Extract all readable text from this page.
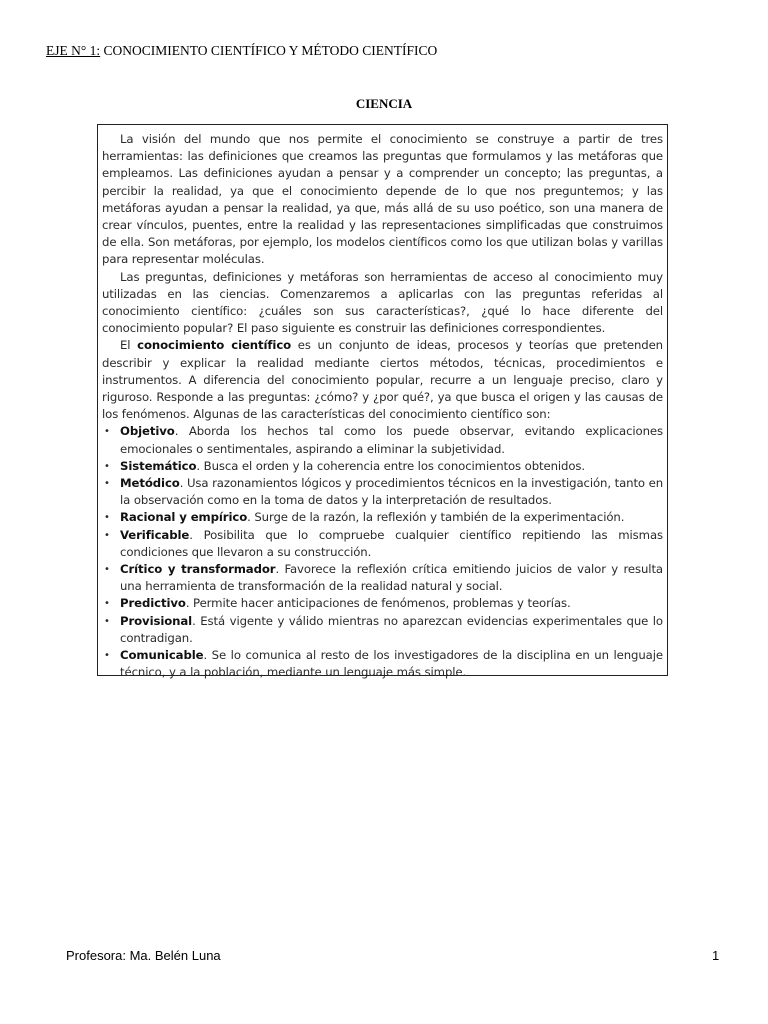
EJE N° 1: CONOCIMIENTO CIENTÍFICO Y MÉTODO CIENTÍFICO
CIENCIA

La visión del mundo que nos permite el conocimiento se construye a partir de tres herramientas: las definiciones que creamos las preguntas que formulamos y las metáforas que empleamos. Las definiciones ayudan a pensar y a comprender un concepto; las preguntas, a percibir la realidad, ya que el conocimiento depende de lo que nos preguntemos; y las metáforas ayudan a pensar la realidad, ya que, más allá de su uso poético, son una manera de crear vínculos, puentes, entre la realidad y las representaciones simplificadas que construimos de ella. Son metáforas, por ejemplo, los modelos científicos como los que utilizan bolas y varillas para representar moléculas.

Las preguntas, definiciones y metáforas son herramientas de acceso al conocimiento muy utilizadas en las ciencias. Comenzaremos a aplicarlas con las preguntas referidas al conocimiento científico: ¿cuáles son sus características?, ¿qué lo hace diferente del conocimiento popular? El paso siguiente es construir las definiciones correspondientes.

El conocimiento científico es un conjunto de ideas, procesos y teorías que pretenden describir y explicar la realidad mediante ciertos métodos, técnicas, procedimientos e instrumentos. A diferencia del conocimiento popular, recurre a un lenguaje preciso, claro y riguroso. Responde a las preguntas: ¿cómo? y ¿por qué?, ya que busca el origen y las causas de los fenómenos. Algunas de las características del conocimiento científico son:

• Objetivo. Aborda los hechos tal como los puede observar, evitando explicaciones emocionales o sentimentales, aspirando a eliminar la subjetividad.
• Sistemático. Busca el orden y la coherencia entre los conocimientos obtenidos.
• Metódico. Usa razonamientos lógicos y procedimientos técnicos en la investigación, tanto en la observación como en la toma de datos y la interpretación de resultados.
• Racional y empírico. Surge de la razón, la reflexión y también de la experimentación.
• Verificable. Posibilita que lo compruebe cualquier científico repitiendo las mismas condiciones que llevaron a su construcción.
• Crítico y transformador. Favorece la reflexión crítica emitiendo juicios de valor y resulta una herramienta de transformación de la realidad natural y social.
• Predictivo. Permite hacer anticipaciones de fenómenos, problemas y teorías.
• Provisional. Está vigente y válido mientras no aparezcan evidencias experimentales que lo contradigan.
• Comunicable. Se lo comunica al resto de los investigadores de la disciplina en un lenguaje técnico, y a la población, mediante un lenguaje más simple.
Profesora: Ma. Belén Luna	1
